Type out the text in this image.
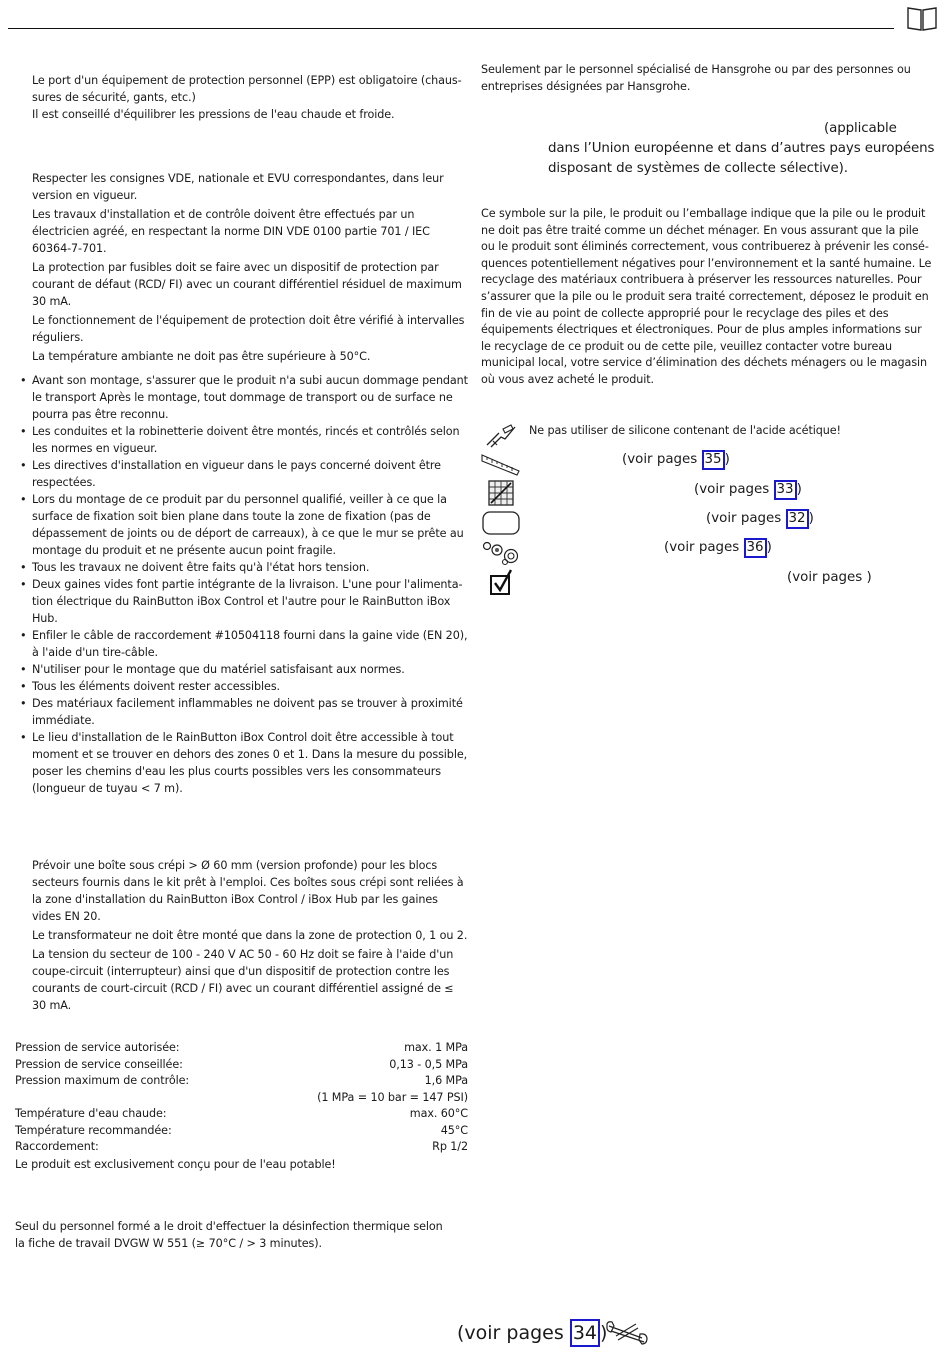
Le port d'un équipement de protection personnel (EPP) est obligatoire (chaus-sures de sécurité, gants, etc.)

Il est conseillé d'équilibrer les pressions de l'eau chaude et froide.

Respecter les consignes VDE, nationale et EVU correspondantes, dans leur version en vigueur.

Les travaux d'installation et de contrôle doivent être effectués par un électricien agréé, en respectant la norme DIN VDE 0100 partie 701 / IEC 60364-7-701.

La protection par fusibles doit se faire avec un dispositif de protection par courant de défaut (RCD/ FI) avec un courant différentiel résiduel de maximum 30 mA.

Le fonctionnement de l'équipement de protection doit être vérifié à intervalles réguliers.

La température ambiante ne doit pas être supérieure à 50°C.

• Avant son montage, s'assurer que le produit n'a subi aucun dommage pendant le transport Après le montage, tout dommage de transport ou de surface ne pourra pas être reconnu.
• Les conduites et la robinetterie doivent être montés, rincés et contrôlés selon les normes en vigueur.
• Les directives d'installation en vigueur dans le pays concerné doivent être respectées.
• Lors du montage de ce produit par du personnel qualifié, veiller à ce que la surface de fixation soit bien plane dans toute la zone de fixation (pas de dépassement de joints ou de déport de carreaux), à ce que le mur se prête au montage du produit et ne présente aucun point fragile.
• Tous les travaux ne doivent être faits qu'à l'état hors tension.
• Deux gaines vides font partie intégrante de la livraison. L'une pour l'alimenta-tion électrique du RainButton iBox Control et l'autre pour le RainButton iBox Hub.
• Enfiler le câble de raccordement #10504118 fourni dans la gaine vide (EN 20), à l'aide d'un tire-câble.
• N'utiliser pour le montage que du matériel satisfaisant aux normes.
• Tous les éléments doivent rester accessibles.
• Des matériaux facilement inflammables ne doivent pas se trouver à proximité immédiate.
• Le lieu d'installation de le RainButton iBox Control doit être accessible à tout moment et se trouver en dehors des zones 0 et 1. Dans la mesure du possible, poser les chemins d'eau les plus courts possibles vers les consommateurs (longueur de tuyau < 7 m).

Prévoir une boîte sous crépi > Ø 60 mm (version profonde) pour les blocs secteurs fournis dans le kit prêt à l'emploi. Ces boîtes sous crépi sont reliées à la zone d'installation du RainButton iBox Control / iBox Hub par les gaines vides EN 20.

Le transformateur ne doit être monté que dans la zone de protection 0, 1 ou 2.

La tension du secteur de 100 - 240 V AC 50 - 60 Hz doit se faire à l'aide d'un coupe-circuit (interrupteur) ainsi que d'un dispositif de protection contre les courants de court-circuit (RCD / FI) avec un courant différentiel assigné de ≤ 30 mA.

Pression de service autorisée:	max. 1 MPa
Pression de service conseillée:	0,13 - 0,5 MPa
Pression maximum de contrôle:	1,6 MPa
(1 MPa = 10 bar = 147 PSI)
Température d'eau chaude:	max. 60°C
Température recommandée:	45°C
Raccordement:	Rp 1/2

Le produit est exclusivement conçu pour de l'eau potable!

Seul du personnel formé a le droit d'effectuer la désinfection thermique selon la fiche de travail DVGW W 551 (≥ 70°C / > 3 minutes).
Seulement par le personnel spécialisé de Hansgrohe ou par des personnes ou entreprises désignées par Hansgrohe.
(applicable
dans l’Union européenne et dans d’autres pays européens
disposant de systèmes de collecte sélective).
Ce symbole sur la pile, le produit ou l’emballage indique que la pile ou le produit ne doit pas être traité comme un déchet ménager. En vous assurant que la pile ou le produit sont éliminés correctement, vous contribuerez à prévenir les consé-quences potentiellement négatives pour l’environnement et la santé humaine. Le recyclage des matériaux contribuera à préserver les ressources naturelles. Pour s’assurer que la pile ou le produit sera traité correctement, déposez le produit en fin de vie au point de collecte approprié pour le recyclage des piles et des équipements électriques et électroniques. Pour de plus amples informations sur le recyclage de ce produit ou de cette pile, veuillez contacter votre bureau municipal local, votre service d’élimination des déchets ménagers ou le magasin où vous avez acheté le produit.
Ne pas utiliser de silicone contenant de l'acide acétique!
(voir pages 35 )
(voir pages 33 )
(voir pages 32 )
(voir pages 36 )
(voir pages )
(voir pages 34 )
